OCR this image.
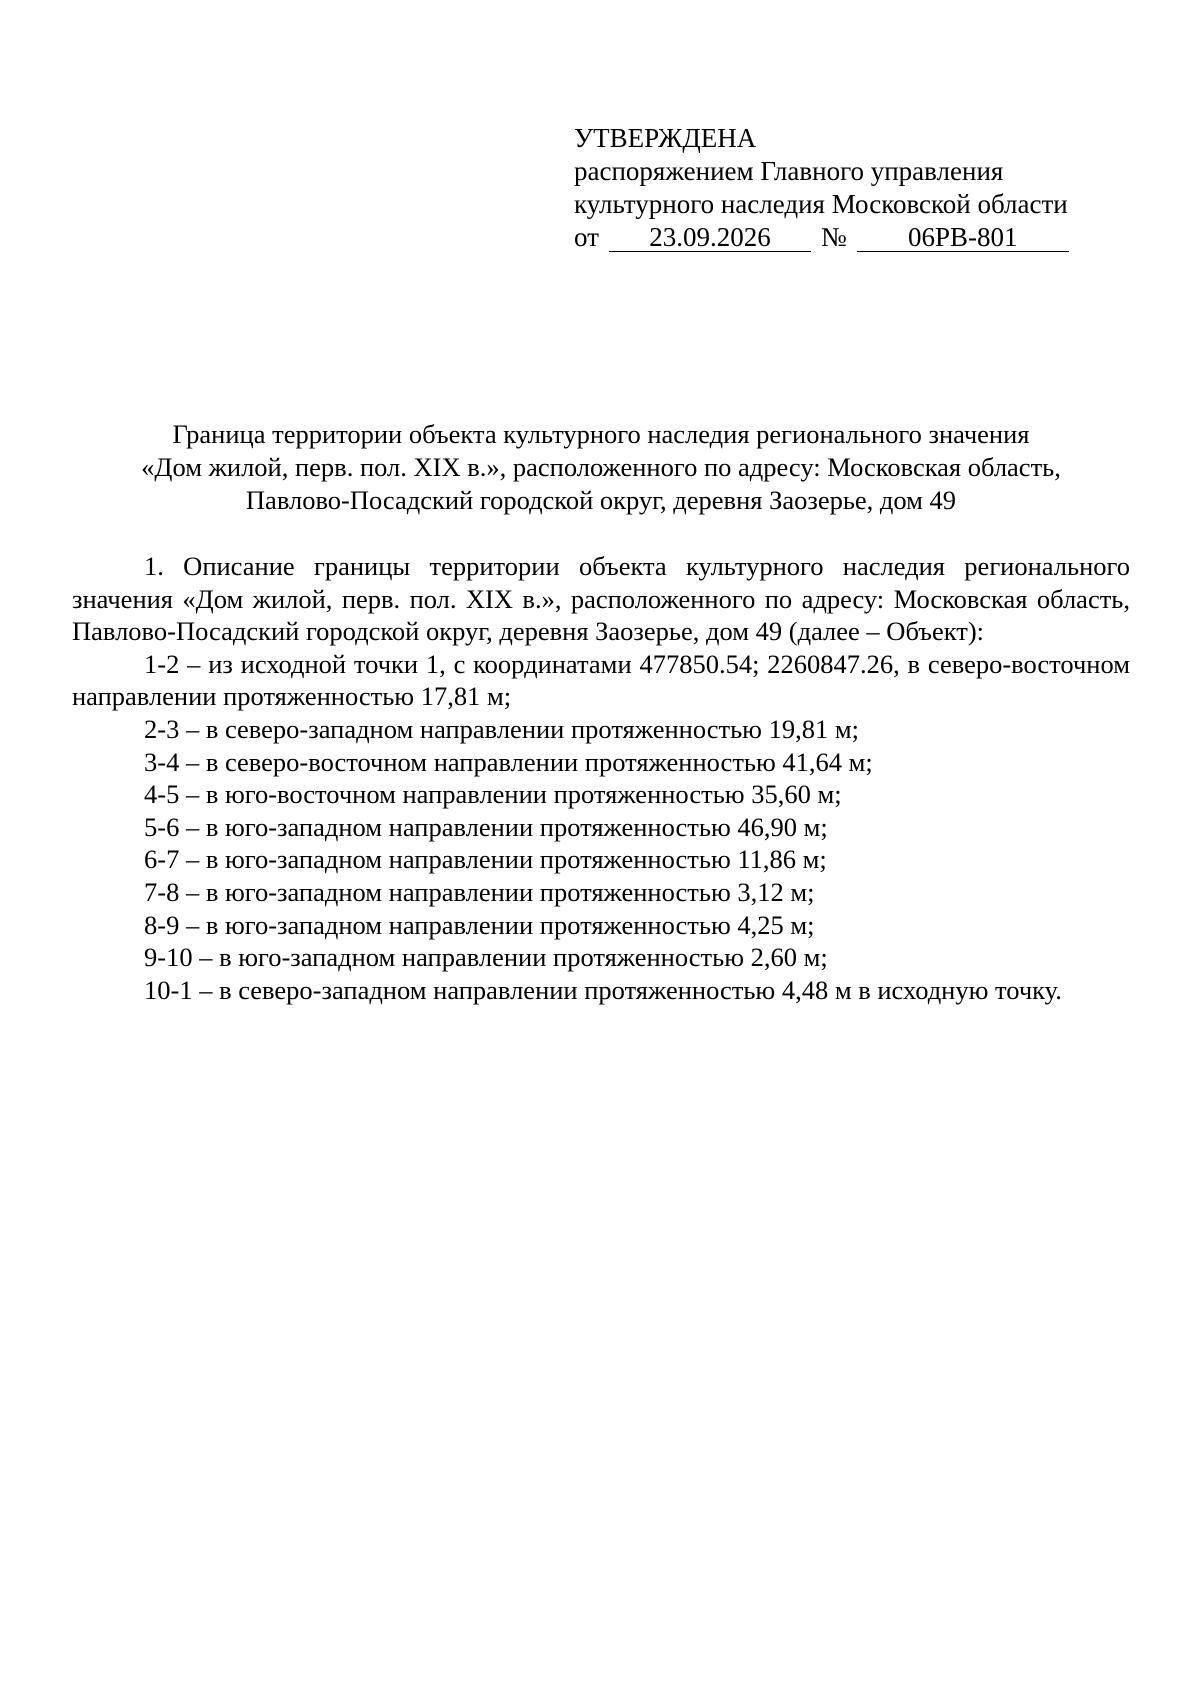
УТВЕРЖДЕНА
распоряжением Главного управления
культурного наследия Московской области
от	23.09.2026	№	06РВ-801
Граница территории объекта культурного наследия регионального значения
«Дом жилой, перв. пол. XIX в.», расположенного по адресу: Московская область,
Павлово-Посадский городской округ, деревня Заозерье, дом 49

1. Описание границы территории объекта культурного наследия регионального значения «Дом жилой, перв. пол. XIX в.», расположенного по адресу: Московская область, Павлово-Посадский городской округ, деревня Заозерье, дом 49 (далее – Объект):

1-2 – из исходной точки 1, с координатами 477850.54; 2260847.26, в северо-восточном направлении протяженностью 17,81 м;

2-3 – в северо-западном направлении протяженностью 19,81 м;

3-4 – в северо-восточном направлении протяженностью 41,64 м;

4-5 – в юго-восточном направлении протяженностью 35,60 м;

5-6 – в юго-западном направлении протяженностью 46,90 м;

6-7 – в юго-западном направлении протяженностью 11,86 м;

7-8 – в юго-западном направлении протяженностью 3,12 м;

8-9 – в юго-западном направлении протяженностью 4,25 м;

9-10 – в юго-западном направлении протяженностью 2,60 м;

10-1 – в северо-западном направлении протяженностью 4,48 м в исходную точку.
